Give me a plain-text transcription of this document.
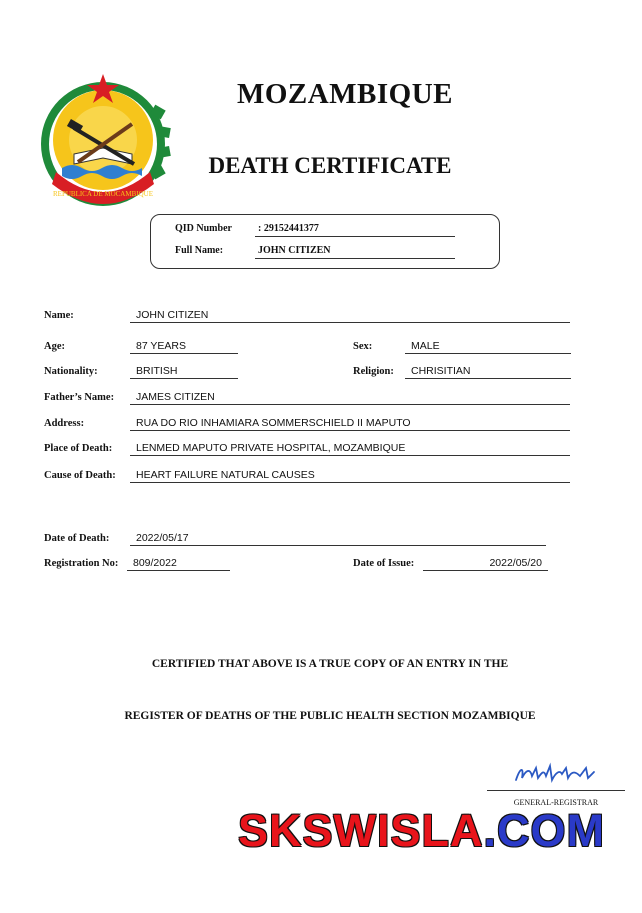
REPUBLICA DE MOCAMBIQUE
MOZAMBIQUE
DEATH CERTIFICATE
QID Number	: 29152441377
Full Name:	JOHN CITIZEN
Name:	JOHN CITIZEN
Age:	87 YEARS	Sex:	MALE
Nationality:	BRITISH	Religion:	CHRISITIAN
Father’s Name:	JAMES CITIZEN
Address:	RUA DO RIO INHAMIARA SOMMERSCHIELD II MAPUTO
Place of Death:	LENMED MAPUTO PRIVATE HOSPITAL, MOZAMBIQUE
Cause of Death:	HEART FAILURE NATURAL CAUSES
Date of Death:	2022/05/17
Registration No:	809/2022	Date of Issue:	2022/05/20
CERTIFIED THAT ABOVE IS A TRUE COPY OF AN ENTRY IN THE
REGISTER OF DEATHS OF THE PUBLIC HEALTH SECTION MOZAMBIQUE
GENERAL-REGISTRAR
SKSWISLA.COM
